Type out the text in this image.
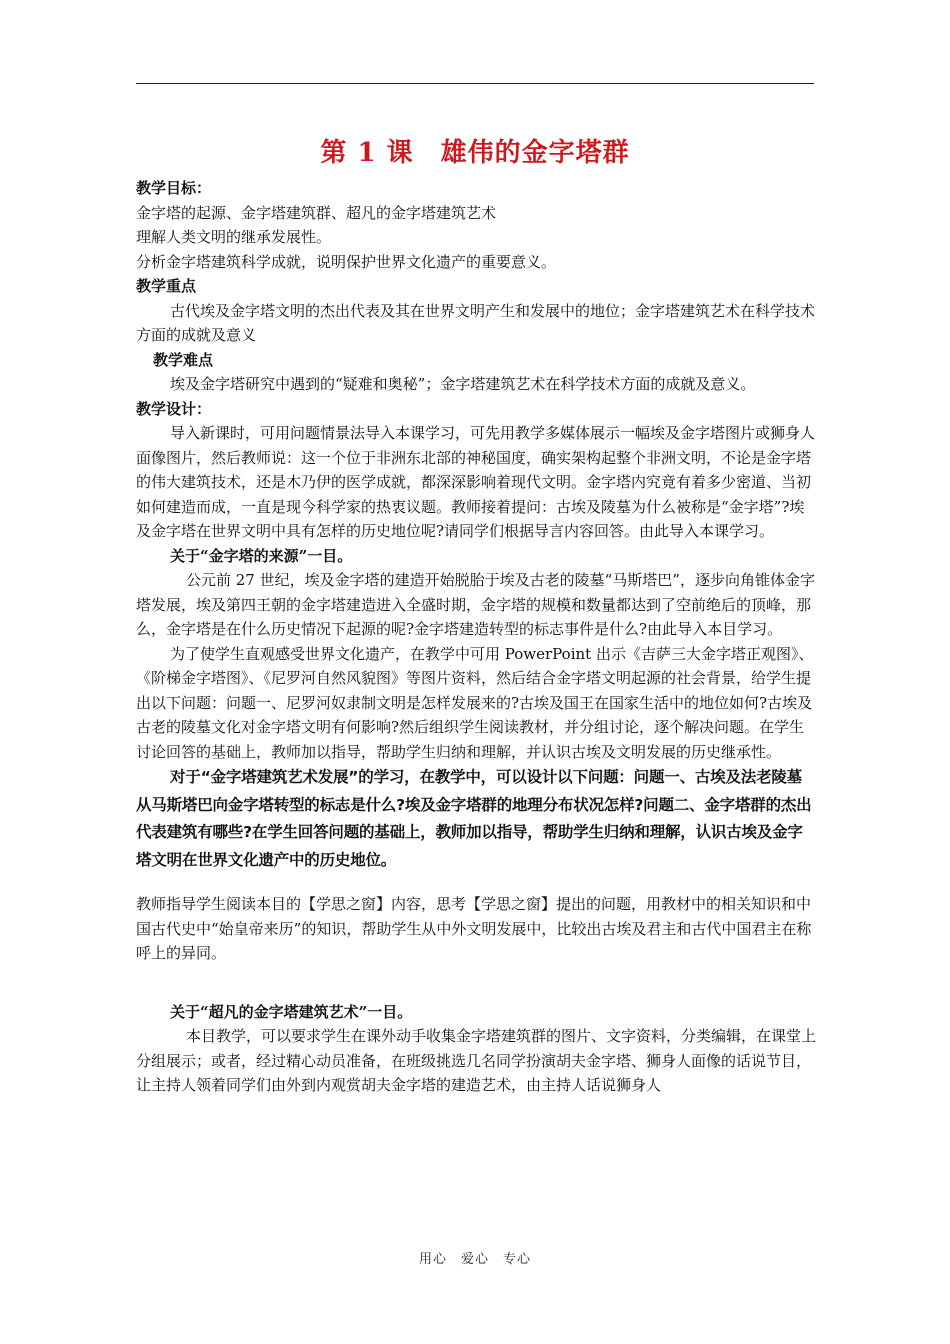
第 1 课　雄伟的金字塔群

教学目标：

金字塔的起源、金字塔建筑群、超凡的金字塔建筑艺术

理解人类文明的继承发展性。

分析金字塔建筑科学成就，说明保护世界文化遗产的重要意义。

教学重点

古代埃及金字塔文明的杰出代表及其在世界文明产生和发展中的地位；金字塔建筑艺术在科学技术方面的成就及意义

教学难点

埃及金字塔研究中遇到的“疑难和奥秘”；金字塔建筑艺术在科学技术方面的成就及意义。

教学设计：

导入新课时，可用问题情景法导入本课学习，可先用教学多媒体展示一幅埃及金字塔图片或狮身人面像图片，然后教师说：这一个位于非洲东北部的神秘国度，确实架构起整个非洲文明，不论是金字塔的伟大建筑技术，还是木乃伊的医学成就，都深深影响着现代文明。金字塔内究竟有着多少密道、当初如何建造而成，一直是现今科学家的热衷议题。教师接着提问：古埃及陵墓为什么被称是“金字塔”?埃及金字塔在世界文明中具有怎样的历史地位呢?请同学们根据导言内容回答。由此导入本课学习。

关于“金字塔的来源”一目。

公元前 27 世纪，埃及金字塔的建造开始脱胎于埃及古老的陵墓“马斯塔巴”，逐步向角锥体金字塔发展，埃及第四王朝的金字塔建造进入全盛时期，金字塔的规模和数量都达到了空前绝后的顶峰，那么，金字塔是在什么历史情况下起源的呢?金字塔建造转型的标志事件是什么?由此导入本目学习。

为了使学生直观感受世界文化遗产，在教学中可用 PowerPoint 出示《吉萨三大金字塔正观图》、《阶梯金字塔图》、《尼罗河自然风貌图》等图片资料，然后结合金字塔文明起源的社会背景，给学生提出以下问题：问题一、尼罗河奴隶制文明是怎样发展来的?古埃及国王在国家生活中的地位如何?古埃及古老的陵墓文化对金字塔文明有何影响?然后组织学生阅读教材，并分组讨论，逐个解决问题。在学生讨论回答的基础上，教师加以指导，帮助学生归纳和理解，并认识古埃及文明发展的历史继承性。

对于“金字塔建筑艺术发展”的学习，在教学中，可以设计以下问题：问题一、古埃及法老陵墓从马斯塔巴向金字塔转型的标志是什么?埃及金字塔群的地理分布状况怎样?问题二、金字塔群的杰出代表建筑有哪些?在学生回答问题的基础上，教师加以指导，帮助学生归纳和理解，认识古埃及金字塔文明在世界文化遗产中的历史地位。

教师指导学生阅读本目的【学思之窗】内容，思考【学思之窗】提出的问题，用教材中的相关知识和中国古代史中“始皇帝来历”的知识，帮助学生从中外文明发展中，比较出古埃及君主和古代中国君主在称呼上的异同。

关于“超凡的金字塔建筑艺术”一目。

本目教学，可以要求学生在课外动手收集金字塔建筑群的图片、文字资料，分类编辑，在课堂上分组展示；或者，经过精心动员准备，在班级挑选几名同学扮演胡夫金字塔、狮身人面像的话说节目，让主持人领着同学们由外到内观赏胡夫金字塔的建造艺术，由主持人话说狮身人

用心　爱心　专心
